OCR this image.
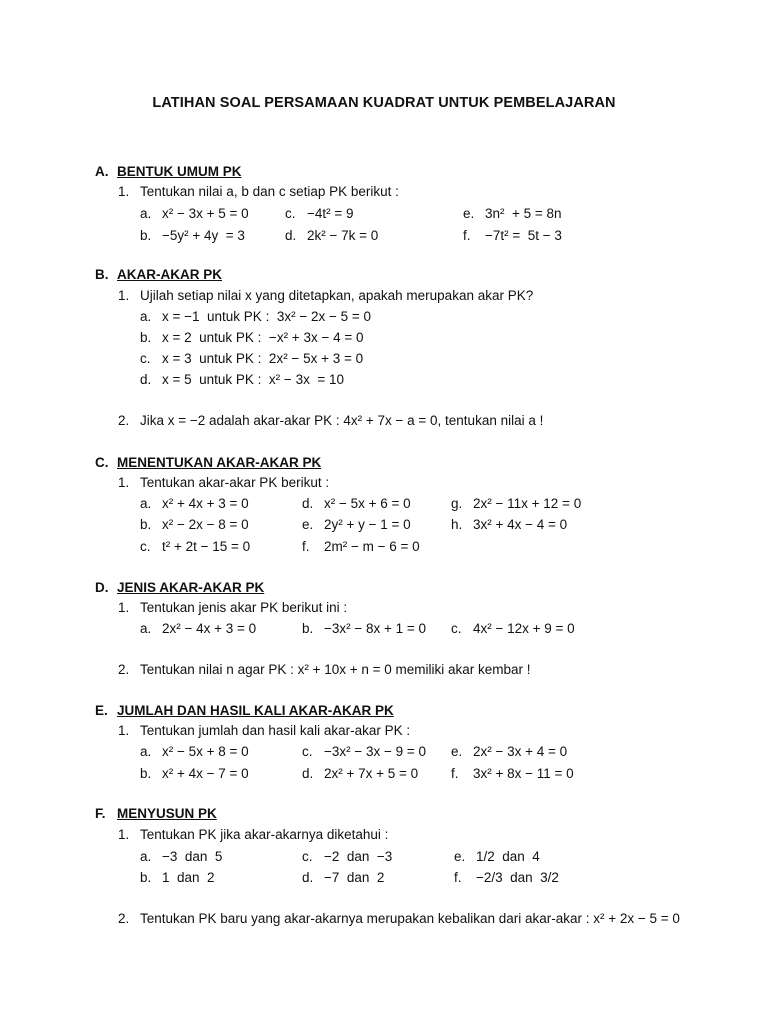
LATIHAN SOAL PERSAMAAN KUADRAT UNTUK PEMBELAJARAN
A. BENTUK UMUM PK
1. Tentukan nilai a, b dan c setiap PK berikut :
a. x² − 3x + 5 = 0	c. −4t² = 9	e. 3n²  + 5 = 8n
b. −5y² + 4y  = 3	d. 2k² − 7k = 0	f. −7t² =  5t − 3
B. AKAR-AKAR PK
1. Ujilah setiap nilai x yang ditetapkan, apakah merupakan akar PK?
a. x = −1  untuk PK :  3x² − 2x − 5 = 0
b. x = 2  untuk PK :  −x² + 3x − 4 = 0
c. x = 3  untuk PK :  2x² − 5x + 3 = 0
d. x = 5  untuk PK :  x² − 3x  = 10
2. Jika x = −2 adalah akar-akar PK : 4x² + 7x − a = 0, tentukan nilai a !
C. MENENTUKAN AKAR-AKAR PK
1. Tentukan akar-akar PK berikut :
a. x² + 4x + 3 = 0	d. x² − 5x + 6 = 0	g. 2x² − 11x + 12 = 0
b. x² − 2x − 8 = 0	e. 2y² + y − 1 = 0	h. 3x² + 4x − 4 = 0
c. t² + 2t − 15 = 0	f. 2m² − m − 6 = 0
D. JENIS AKAR-AKAR PK
1. Tentukan jenis akar PK berikut ini :
a. 2x² − 4x + 3 = 0	b. −3x² − 8x + 1 = 0 c. 4x² − 12x + 9 = 0
2. Tentukan nilai n agar PK : x² + 10x + n = 0 memiliki akar kembar !
E. JUMLAH DAN HASIL KALI AKAR-AKAR PK
1. Tentukan jumlah dan hasil kali akar-akar PK :
a. x² − 5x + 8 = 0	c. −3x² − 3x − 9 = 0 e. 2x² − 3x + 4 = 0
b. x² + 4x − 7 = 0	d. 2x² + 7x + 5 = 0 f. 3x² + 8x − 11 = 0
F. MENYUSUN PK
1. Tentukan PK jika akar-akarnya diketahui :
a. −3  dan  5	c. −2  dan  −3	e. 1/2  dan  4
b. 1  dan  2	d. −7  dan  2	f. −2/3  dan  3/2
2. Tentukan PK baru yang akar-akarnya merupakan kebalikan dari akar-akar : x² + 2x − 5 = 0
